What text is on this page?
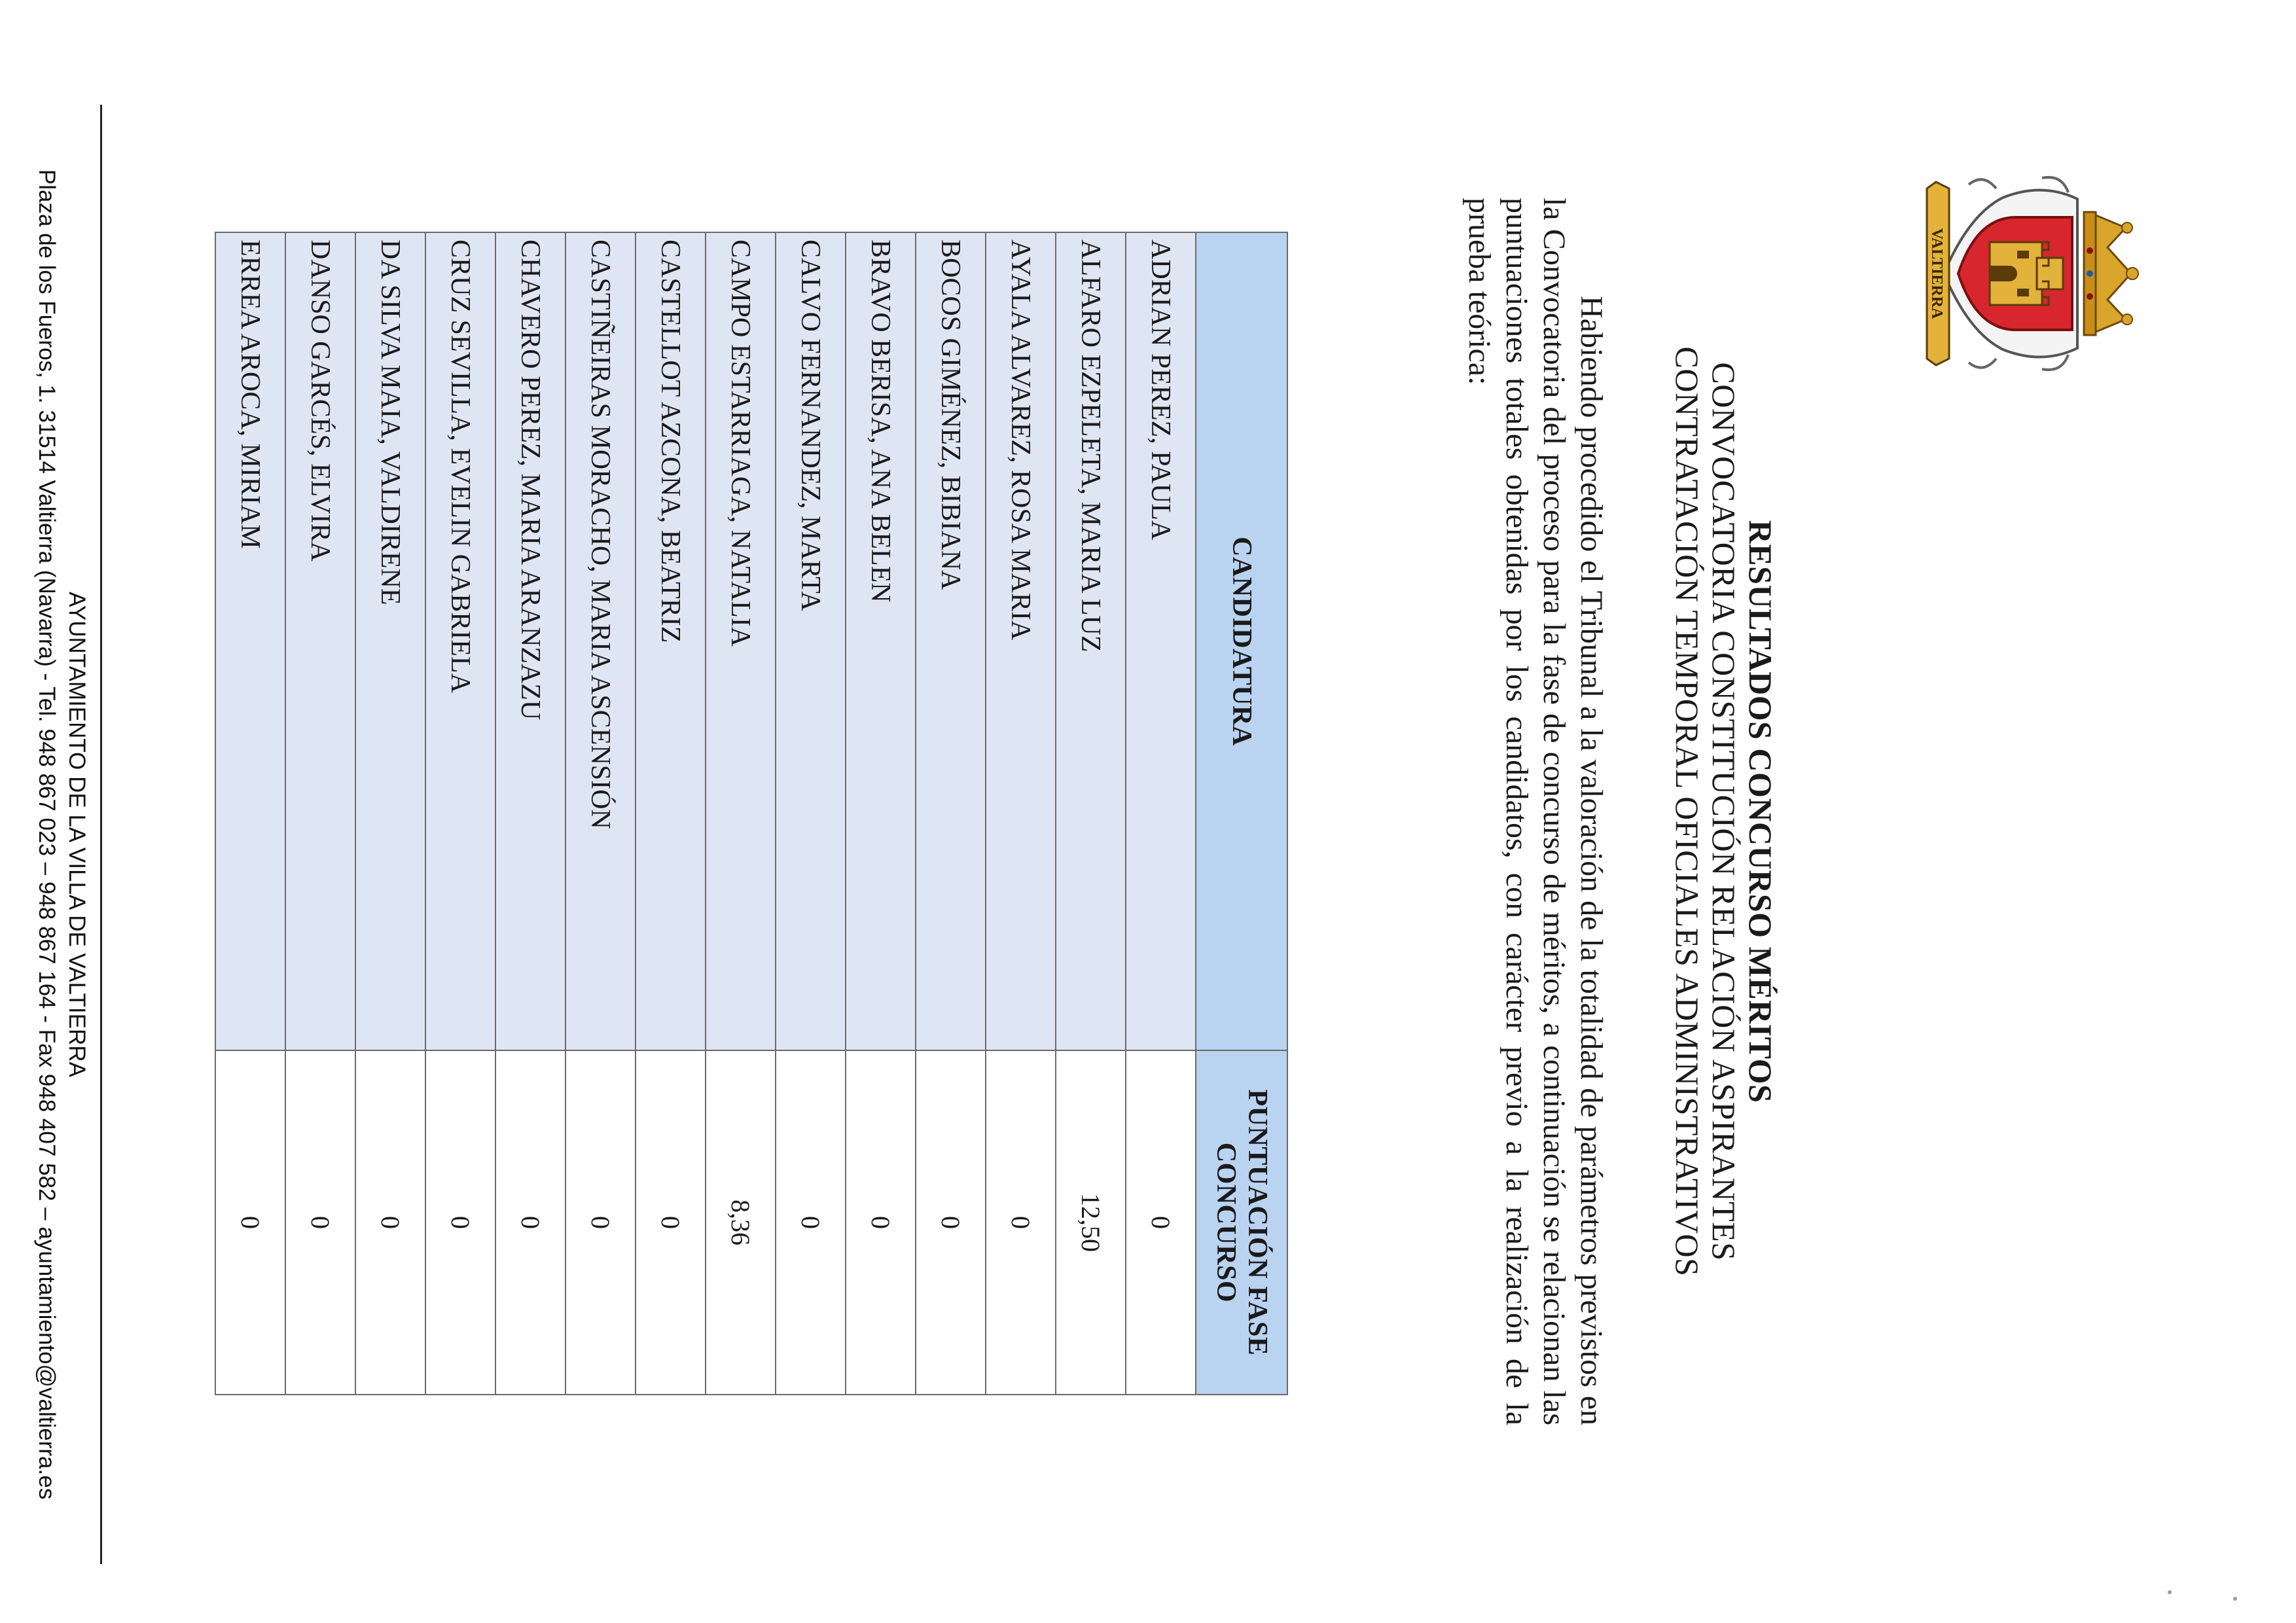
VALTIERRA
RESULTADOS CONCURSO MÉRITOS
CONVOCATORIA CONSTITUCIÓN RELACIÓN ASPIRANTES
CONTRATACIÓN TEMPORAL OFICIALES ADMINISTRATIVOS

Habiendo procedido el Tribunal a la valoración de la totalidad de parámetros previstos en la Convocatoria del proceso para la fase de concurso de méritos, a continuación se relacionan las puntuaciones totales obtenidas por los candidatos, con carácter previo a la realización de la prueba teórica:

CANDIDATURA	PUNTUACIÓN FASE CONCURSO
ADRIAN PEREZ, PAULA	0
ALFARO EZPELETA, MARIA LUZ	12,50
AYALA ALVAREZ, ROSA MARIA	0
BOCOS GIMÉNEZ, BIBIANA	0
BRAVO BERISA, ANA BELEN	0
CALVO FERNANDEZ, MARTA	0
CAMPO ESTARRIAGA, NATALIA	8,36
CASTELLOT AZCONA, BEATRIZ	0
CASTIÑEIRAS MORACHO, MARIA ASCENSIÓN	0
CHAVERO PEREZ, MARIA ARANZAZU	0
CRUZ SEVILLA, EVELIN GABRIELA	0
DA SILVA MAIA, VALDIRENE	0
DANSO GARCÉS, ELVIRA	0
ERREA AROCA, MIRIAM	0
AYUNTAMIENTO DE LA VILLA DE VALTIERRA
Plaza de los Fueros, 1. 31514 Valtierra (Navarra) - Tel. 948 867 023 – 948 867 164 - Fax 948 407 582 – ayuntamiento@valtierra.es
